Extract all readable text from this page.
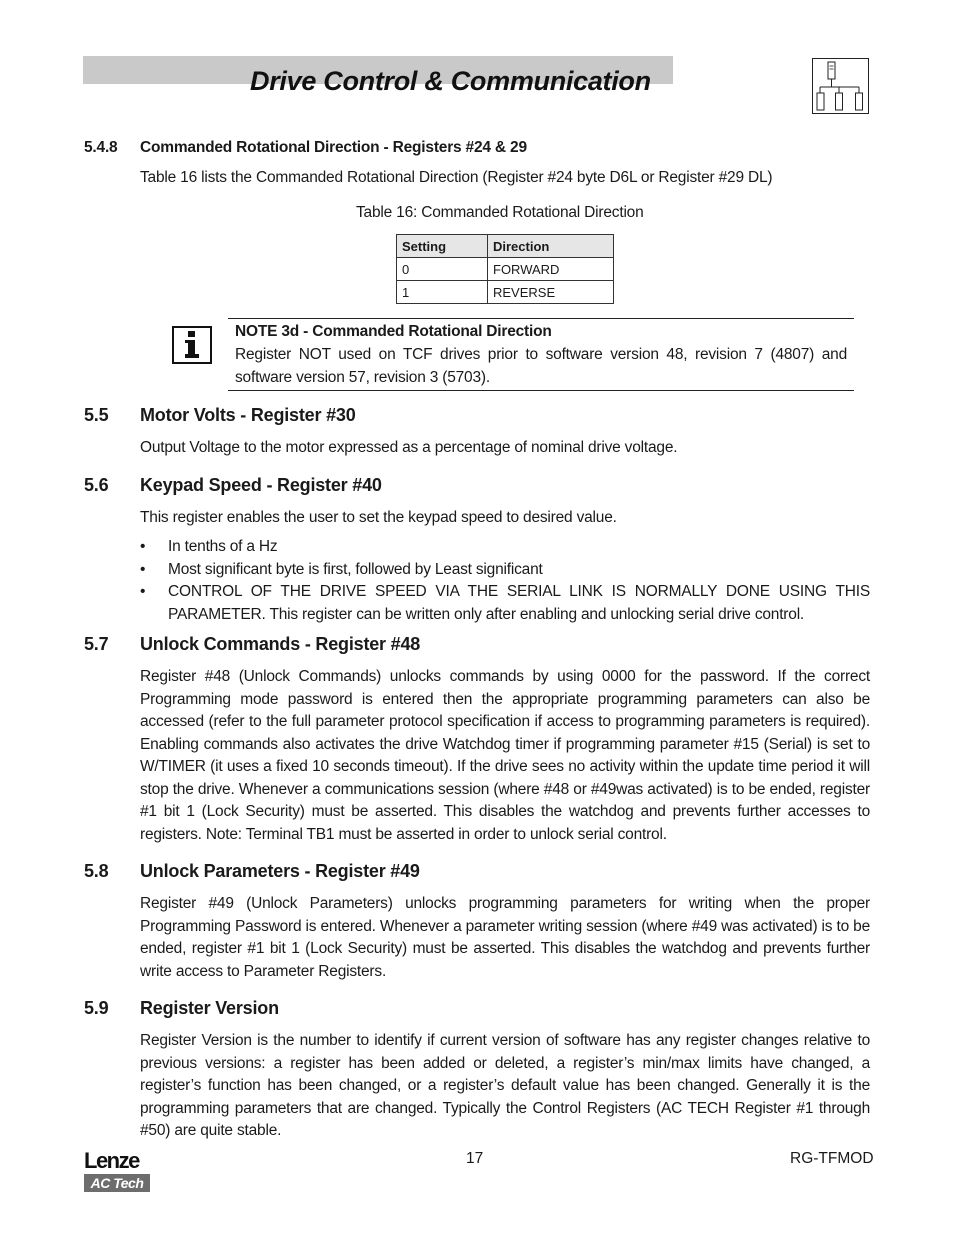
Drive Control & Communication
5.4.8 Commanded Rotational Direction - Registers #24 & 29

Table 16 lists the Commanded Rotational Direction (Register #24 byte D6L or Register #29 DL)

Table 16: Commanded Rotational Direction

Setting	Direction
0	FORWARD
1	REVERSE

NOTE 3d - Commanded Rotational Direction

Register NOT used on TCF drives prior to software version 48, revision 7 (4807) and software version 57, revision 3 (5703).

5.5 Motor Volts - Register #30

Output Voltage to the motor expressed as a percentage of nominal drive voltage.

5.6 Keypad Speed - Register #40

This register enables the user to set the keypad speed to desired value.

• In tenths of a Hz
• Most significant byte is first, followed by Least significant
• CONTROL OF THE DRIVE SPEED VIA THE SERIAL LINK IS NORMALLY DONE USING THIS PARAMETER. This register can be written only after enabling and unlocking serial drive control.
5.7 Unlock Commands - Register #48

Register #48 (Unlock Commands) unlocks commands by using 0000 for the password. If the correct Programming mode password is entered then the appropriate programming parameters can also be accessed (refer to the full parameter protocol specification if access to programming parameters is required). Enabling commands also activates the drive Watchdog timer if programming parameter #15 (Serial) is set to W/TIMER (it uses a fixed 10 seconds timeout). If the drive sees no activity within the update time period it will stop the drive. Whenever a communications session (where #48 or #49was activated) is to be ended, register #1 bit 1 (Lock Security) must be asserted. This disables the watchdog and prevents further accesses to registers. Note: Terminal TB1 must be asserted in order to unlock serial control.

5.8 Unlock Parameters - Register #49

Register #49 (Unlock Parameters) unlocks programming parameters for writing when the proper Programming Password is entered. Whenever a parameter writing session (where #49 was activated) is to be ended, register #1 bit 1 (Lock Security) must be asserted. This disables the watchdog and prevents further write access to Parameter Registers.

5.9 Register Version

Register Version is the number to identify if current version of software has any register changes relative to previous versions: a register has been added or deleted, a register’s min/max limits have changed, a register’s function has been changed, or a register’s default value has been changed. Generally it is the programming parameters that are changed. Typically the Control Registers (AC TECH Register #1 through #50) are quite stable.

Lenze
AC Tech

17	RG-TFMOD
